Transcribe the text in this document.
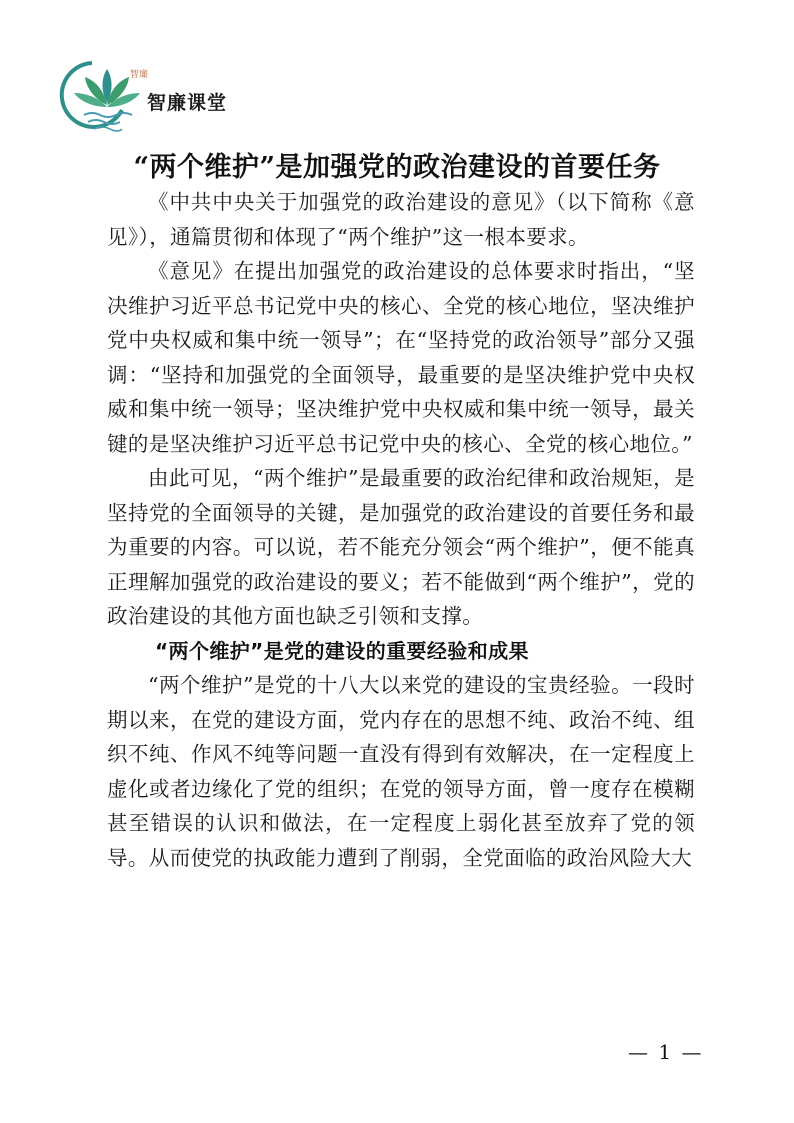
智廉
智廉课堂
“两个维护”是加强党的政治建设的首要任务

《中共中央关于加强党的政治建设的意见》（以下简称《意见》），通篇贯彻和体现了“两个维护”这一根本要求。

《意见》在提出加强党的政治建设的总体要求时指出，“坚决维护习近平总书记党中央的核心、全党的核心地位，坚决维护党中央权威和集中统一领导”；在“坚持党的政治领导”部分又强调：“坚持和加强党的全面领导，最重要的是坚决维护党中央权威和集中统一领导；坚决维护党中央权威和集中统一领导，最关键的是坚决维护习近平总书记党中央的核心、全党的核心地位。”

由此可见，“两个维护”是最重要的政治纪律和政治规矩，是坚持党的全面领导的关键，是加强党的政治建设的首要任务和最为重要的内容。可以说，若不能充分领会“两个维护”，便不能真正理解加强党的政治建设的要义；若不能做到“两个维护”，党的政治建设的其他方面也缺乏引领和支撑。

“两个维护”是党的建设的重要经验和成果

“两个维护”是党的十八大以来党的建设的宝贵经验。一段时期以来，在党的建设方面，党内存在的思想不纯、政治不纯、组织不纯、作风不纯等问题一直没有得到有效解决，在一定程度上虚化或者边缘化了党的组织；在党的领导方面，曾一度存在模糊甚至错误的认识和做法，在一定程度上弱化甚至放弃了党的领导。从而使党的执政能力遭到了削弱，全党面临的政治风险大大

— 1 —
